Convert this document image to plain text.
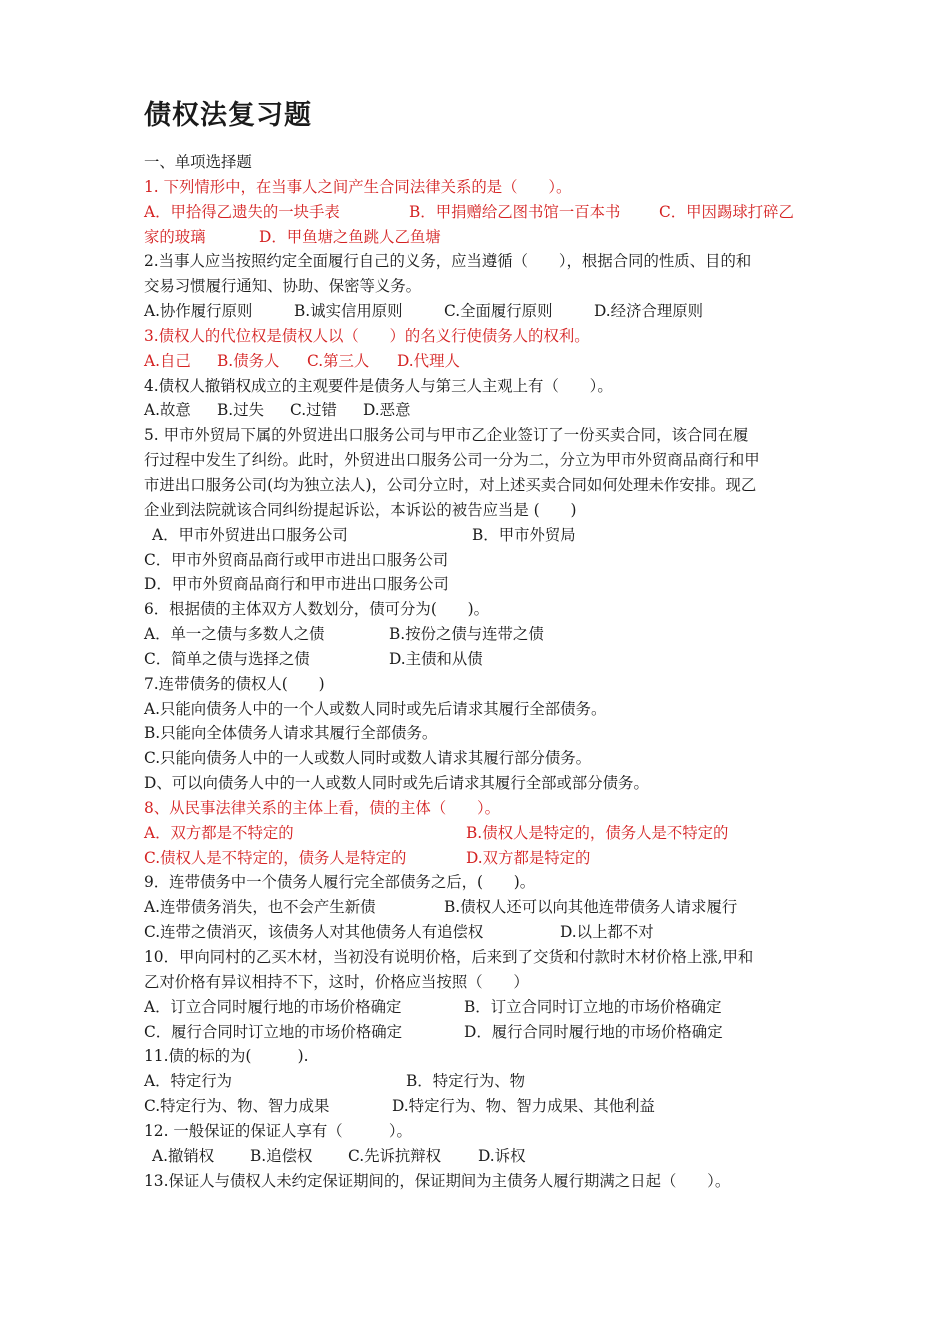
债权法复习题
一、单项选择题
1. 下列情形中，在当事人之间产生合同法律关系的是（　　）。
A．甲拾得乙遗失的一块手表	B．甲捐赠给乙图书馆一百本书	C．甲因踢球打碎乙
家的玻璃	D．甲鱼塘之鱼跳人乙鱼塘
2.当事人应当按照约定全面履行自己的义务，应当遵循（　　），根据合同的性质、目的和
交易习惯履行通知、协助、保密等义务。
A.协作履行原则	B.诚实信用原则	C.全面履行原则	D.经济合理原则
3.债权人的代位权是债权人以（　　）的名义行使债务人的权利。
A.自己	B.债务人	C.第三人	D.代理人
4.债权人撤销权成立的主观要件是债务人与第三人主观上有（　　）。
A.故意	B.过失	C.过错	D.恶意
5. 甲市外贸局下属的外贸进出口服务公司与甲市乙企业签订了一份买卖合同，该合同在履
行过程中发生了纠纷。此时，外贸进出口服务公司一分为二，分立为甲市外贸商品商行和甲
市进出口服务公司(均为独立法人)，公司分立时，对上述买卖合同如何处理未作安排。现乙
企业到法院就该合同纠纷提起诉讼，本诉讼的被告应当是 (　　)
A．甲市外贸进出口服务公司	B．甲市外贸局
C．甲市外贸商品商行或甲市进出口服务公司
D．甲市外贸商品商行和甲市进出口服务公司
6．根据债的主体双方人数划分，债可分为(　　)。
A．单一之债与多数人之债	B.按份之债与连带之债
C．简单之债与选择之债	D.主债和从债
7.连带债务的债权人(　　)
A.只能向债务人中的一个人或数人同时或先后请求其履行全部债务。
B.只能向全体债务人请求其履行全部债务。
C.只能向债务人中的一人或数人同时或数人请求其履行部分债务。
D、可以向债务人中的一人或数人同时或先后请求其履行全部或部分债务。
8、从民事法律关系的主体上看，债的主体（　　）。
A．双方都是不特定的	B.债权人是特定的，债务人是不特定的
C.债权人是不特定的，债务人是特定的	D.双方都是特定的
9．连带债务中一个债务人履行完全部债务之后，(　　)。
A.连带债务消失，也不会产生新债	B.债权人还可以向其他连带债务人请求履行
C.连带之债消灭，该债务人对其他债务人有追偿权	D.以上都不对
10．甲向同村的乙买木材，当初没有说明价格，后来到了交货和付款时木材价格上涨,甲和
乙对价格有异议相持不下，这时，价格应当按照（　　）
A．订立合同时履行地的市场价格确定	B．订立合同时订立地的市场价格确定
C．履行合同时订立地的市场价格确定	D．履行合同时履行地的市场价格确定
11.债的标的为(　　　).
A．特定行为	B．特定行为、物
C.特定行为、物、智力成果	D.特定行为、物、智力成果、其他利益
12. 一般保证的保证人享有（　　　）。
A.撤销权	B.追偿权	C.先诉抗辩权	D.诉权
13.保证人与债权人未约定保证期间的，保证期间为主债务人履行期满之日起（　　）。
